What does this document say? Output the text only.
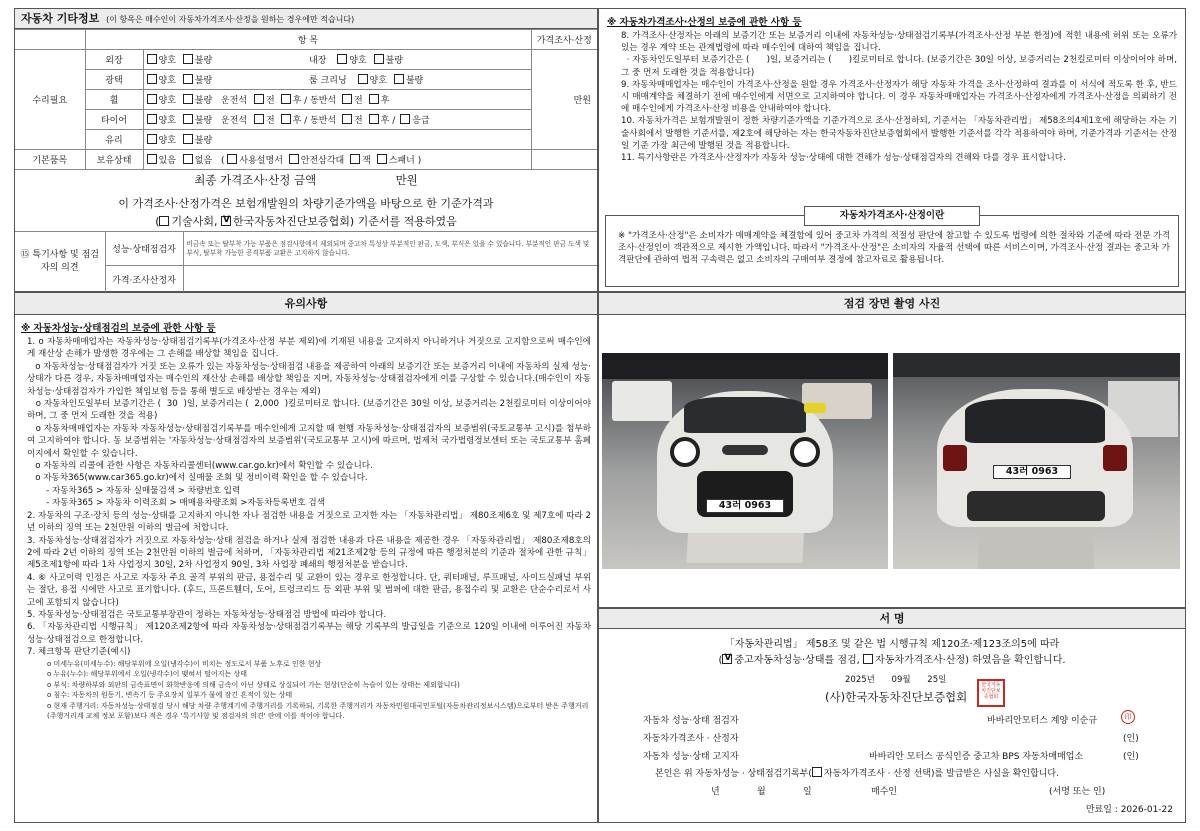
자동차 기타정보 (이 항목은 매수인이 자동차가격조사·산정을 원하는 경우에만 적습니다)
	항 목		가격조사·산정
수리필요	외장	양호 불량 내장 양호 불량	만원
	광택	양호 불량 룸 크리닝 양호 불량	
	휠	양호 불량 운전석 전 후 / 동반석 전 후	
	타이어	양호 불량 운전석 전 후 / 동반석 전 후 / 응급	
	유리	양호 불량	
기본품목	보유상태	있음 없음 ( 사용설명서 안전삼각대 잭 스패너 )	
최종 가격조사·산정 금액	만원
이 가격조사·산정가격은 보험개발원의 차량기준가액을 바탕으로 한 기준가격과
( 기술사회, V한국자동차진단보증협회) 기준서를 적용하였음
⑮ 특기사항 및 점검자의 의견	성능·상태점검자	비금속 또는 탈부착 가능 부품은 점검사항에서 제외되며 중고차 특성상 부분적인 판금, 도색, 부식은 있을 수 있습니다. 부분적인 판금 도색 및 부식, 탈부착 가능한 공격부품 교환은 고지하지 않습니다.
	가격·조사산정자	
※ 자동차가격조사·산정의 보증에 관한 사항 등
8. 가격조사·산정자는 아래의 보증기간 또는 보증거리 이내에 자동차성능·상태점검기록부(가격조사·산정 부분 한정)에 적힌 내용에 허위 또는 오류가 있는 경우 계약 또는 관계법령에 따라 매수인에 대하여 책임을 집니다.
· 자동차인도일부터 보증기간은 (      )일, 보증거리는 (      )킬로미터로 합니다. (보증기간은 30일 이상, 보증거리는 2천킬로미터 이상이어야 하며, 그 중 먼저 도래한 것을 적용합니다)
9. 자동차매매업자는 매수인이 가격조사·산정을 원할 경우 가격조사·산정자가 해당 자동차 가격을 조사·산정하여 결과를 이 서식에 적도록 한 후, 반드시 매매계약을 체결하기 전에 매수인에게 서면으로 고지하여야 합니다. 이 경우 자동차매매업자는 가격조사·산정자에게 가격조사·산정을 의뢰하기 전에 매수인에게 가격조사·산정 비용을 안내하여야 합니다.
10. 자동차가격은 보험개발원이 정한 차량기준가액을 기준가격으로 조사·산정하되, 기준서는 「자동차관리법」 제58조의4제1호에 해당하는 자는 기술사회에서 발행한 기준서를, 제2호에 해당하는 자는 한국자동차진단보증협회에서 발행한 기준서를 각각 적용하여야 하며, 기준가격과 기준서는 산정일 기준 가장 최근에 발행된 것을 적용합니다.
11. 특기사항란은 가격조사·산정자가 자동차 성능·상태에 대한 견해가 성능·상태점검자의 견해와 다를 경우 표시합니다.
자동차가격조사·산정이란
※ "가격조사·산정"은 소비자가 매매계약을 체결함에 있어 중고차 가격의 적절성 판단에 참고할 수 있도록 법령에 의한 절차와 기준에 따라 전문 가격조사·산정인이 객관적으로 제시한 가액입니다. 따라서 "가격조사·산정"은 소비자의 자율적 선택에 따른 서비스이며, 가격조사·산정 결과는 중고차 가격판단에 관하여 법적 구속력은 없고 소비자의 구매여부 결정에 참고자료로 활용됩니다.
유의사항
※ 자동차성능·상태점검의 보증에 관한 사항 등
1. ο 자동차매매업자는 자동차성능·상태점검기록부(가격조사·산정 부분 제외)에 기재된 내용을 고지하지 아니하거나 거짓으로 고지함으로써 매수인에게 재산상 손해가 발생한 경우에는 그 손해를 배상할 책임을 집니다.
ο 자동차성능·상태점검자가 거짓 또는 오류가 있는 자동차성능·상태점검 내용을 제공하여 아래의 보증기간 또는 보증거리 이내에 자동차의 실제 성능·상태가 다른 경우, 자동차매매업자는 매수인의 재산상 손해를 배상할 책임을 지며, 자동차성능·상태점검자에게 이를 구상할 수 있습니다.(매수인이 자동차성능·상태점검자가 가입한 책임보험 등을 통해 별도로 배상받는 경우는 제외)
ο 자동차인도일부터 보증기간은 (  30  )일, 보증거리는 (  2,000  )킬로미터로 합니다. (보증기간은 30일 이상, 보증거리는 2천킬로미터 이상이어야 하며, 그 중 먼저 도래한 것을 적용)
ο 자동차매매업자는 자동차 자동차성능·상태점검기록부를 매수인에게 고지할 때 현행 자동차성능·상태점검자의 보증범위(국토교통부 고시)를 첨부하여 고지하여야 합니다. 동 보증범위는 '자동차성능·상태점검자의 보증범위'(국토교통부 고시)에 따르며, 법제처 국가법령정보센터 또는 국토교통부 홈페이지에서 확인할 수 있습니다.
ο 자동차의 리콜에 관한 사항은 자동차리콜센터(www.car.go.kr)에서 확인할 수 있습니다.
ο 자동차365(www.car365.go.kr)에서 실매물 조회 및 정비이력 확인을 할 수 있습니다.
- 자동차365 > 자동차 실매물검색 > 차량번호 입력
- 자동차365 > 자동차 이력조회 > 매매용차량조회 >자동차등록번호 검색
2. 자동차의 구조·장치 등의 성능·상태를 고지하지 아니한 자나 점검한 내용을 거짓으로 고지한 자는 「자동차관리법」 제80조제6호 및 제7호에 따라 2년 이하의 징역 또는 2천만원 이하의 벌금에 처합니다.
3. 자동차성능·상태점검자가 거짓으로 자동차성능·상태 점검을 하거나 실제 점검한 내용과 다른 내용을 제공한 경우 「자동차관리법」 제80조제8호의2에 따라 2년 이하의 징역 또는 2천만원 이하의 벌금에 처하며, 「자동차관리법 제21조제2항 등의 규정에 따른 행정처분의 기준과 절차에 관한 규칙」 제5조제1항에 따라 1차 사업정지 30일, 2차 사업정지 90일, 3차 사업장 폐쇄의 행정처분을 받습니다.
4. ⑥ 사고이력 인정은 사고로 자동차 주요 골격 부위의 판금, 용접수리 및 교환이 있는 경우로 한정합니다. 단, 쿼터패널, 루프패널, 사이드실패널 부위는 절단, 용접 시에만 사고로 표기합니다. (후드, 프론트휀더, 도어, 트렁크리드 등 외판 부위 및 범퍼에 대한 판금, 용접수리 및 교환은 단순수리로서 사고에 포함되지 않습니다)
5. 자동차성능·상태점검은 국토교통부장관이 정하는 자동차성능·상태점검 방법에 따라야 합니다.
6. 「자동차관리법 시행규칙」 제120조제2항에 따라 자동차성능·상태점검기록부는 해당 기록부의 발급일을 기준으로 120일 이내에 이루어진 자동차 성능·상태점검으로 한정합니다.
7. 체크항목 판단기준(예시)
ο 미세누유(미세누수): 해당부위에 오일(냉각수)이 비치는 정도로서 부품 노후로 인한 현상
ο 누유(누수): 해당부위에서 오일(냉각수)이 맺혀서 떨어지는 상태
ο 부식: 차량하부와 외판의 금속표면이 화학반응에 의해 금속이 아닌 상태로 상실되어 가는 현상(단순히 녹슬어 있는 상태는 제외합니다)
ο 침수: 자동차의 원동기, 변속기 등 주요장치 일부가 물에 잠긴 흔적이 있는 상태
ο 현재 주행거리: 자동차성능·상태점검 당시 해당 차량 주행계기에 주행거리를 기록하되, 기록한 주행거리가 자동차민원대국민포털(자동차관리정보시스템)으로부터 받은 주행거리(주행거리계 교체 정보 포함)보다 적은 경우 '특기사항 및 점검자의 의견' 란에 이를 적어야 합니다.
점검 장면 촬영 사진
43러 0963
43러 0963
서 명
「자동차관리법」 제58조 및 같은 법 시행규칙 제120조·제123조의5에 따라
( V 중고자동차성능·상태를 점검, 자동차가격조사·산정) 하였음을 확인합니다.
2025년 09월 25일
(사)한국자동차진단보증협회
한국자동차진단보증협회
자동차 성능·상태 점검자	바바리안모터스 계양 이순규	印
자동차가격조사 · 산정자	(인)
자동차 성능·상태 고지자	바바리안 모터스 공식인증 중고차 BPS 자동차매매업소	(인)
본인은 위 자동차성능 · 상태점검기록부( 자동차가격조사 · 산정 선택)를 발급받은 사실을 확인합니다.
년	월	일	매수인	(서명 또는 인)
만료일 : 2026-01-22
